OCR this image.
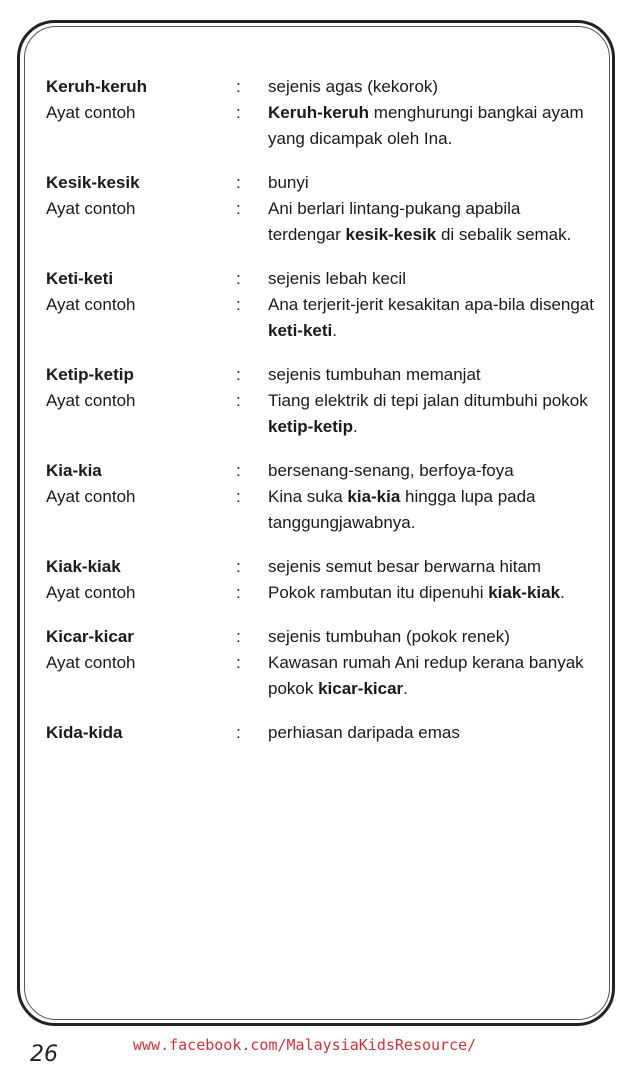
Keruh-keruh	:	sejenis agas (kekorok)
Ayat contoh	:	Keruh-keruh menghurungi bangkai ayam yang dicampak oleh Ina.
Kesik-kesik	:	bunyi
Ayat contoh	:	Ani berlari lintang-pukang apabila terdengar kesik-kesik di sebalik semak.
Keti-keti	:	sejenis lebah kecil
Ayat contoh	:	Ana terjerit-jerit kesakitan apa-bila disengat keti-keti.
Ketip-ketip	:	sejenis tumbuhan memanjat
Ayat contoh	:	Tiang elektrik di tepi jalan ditumbuhi pokok ketip-ketip.
Kia-kia	:	bersenang-senang, berfoya-foya
Ayat contoh	:	Kina suka kia-kia hingga lupa pada tanggungjawabnya.
Kiak-kiak	:	sejenis semut besar berwarna hitam
Ayat contoh	:	Pokok rambutan itu dipenuhi kiak-kiak.
Kicar-kicar	:	sejenis tumbuhan (pokok renek)
Ayat contoh	:	Kawasan rumah Ani redup kerana banyak pokok kicar-kicar.
Kida-kida	:	perhiasan daripada emas
26	www.facebook.com/MalaysiaKidsResource/
